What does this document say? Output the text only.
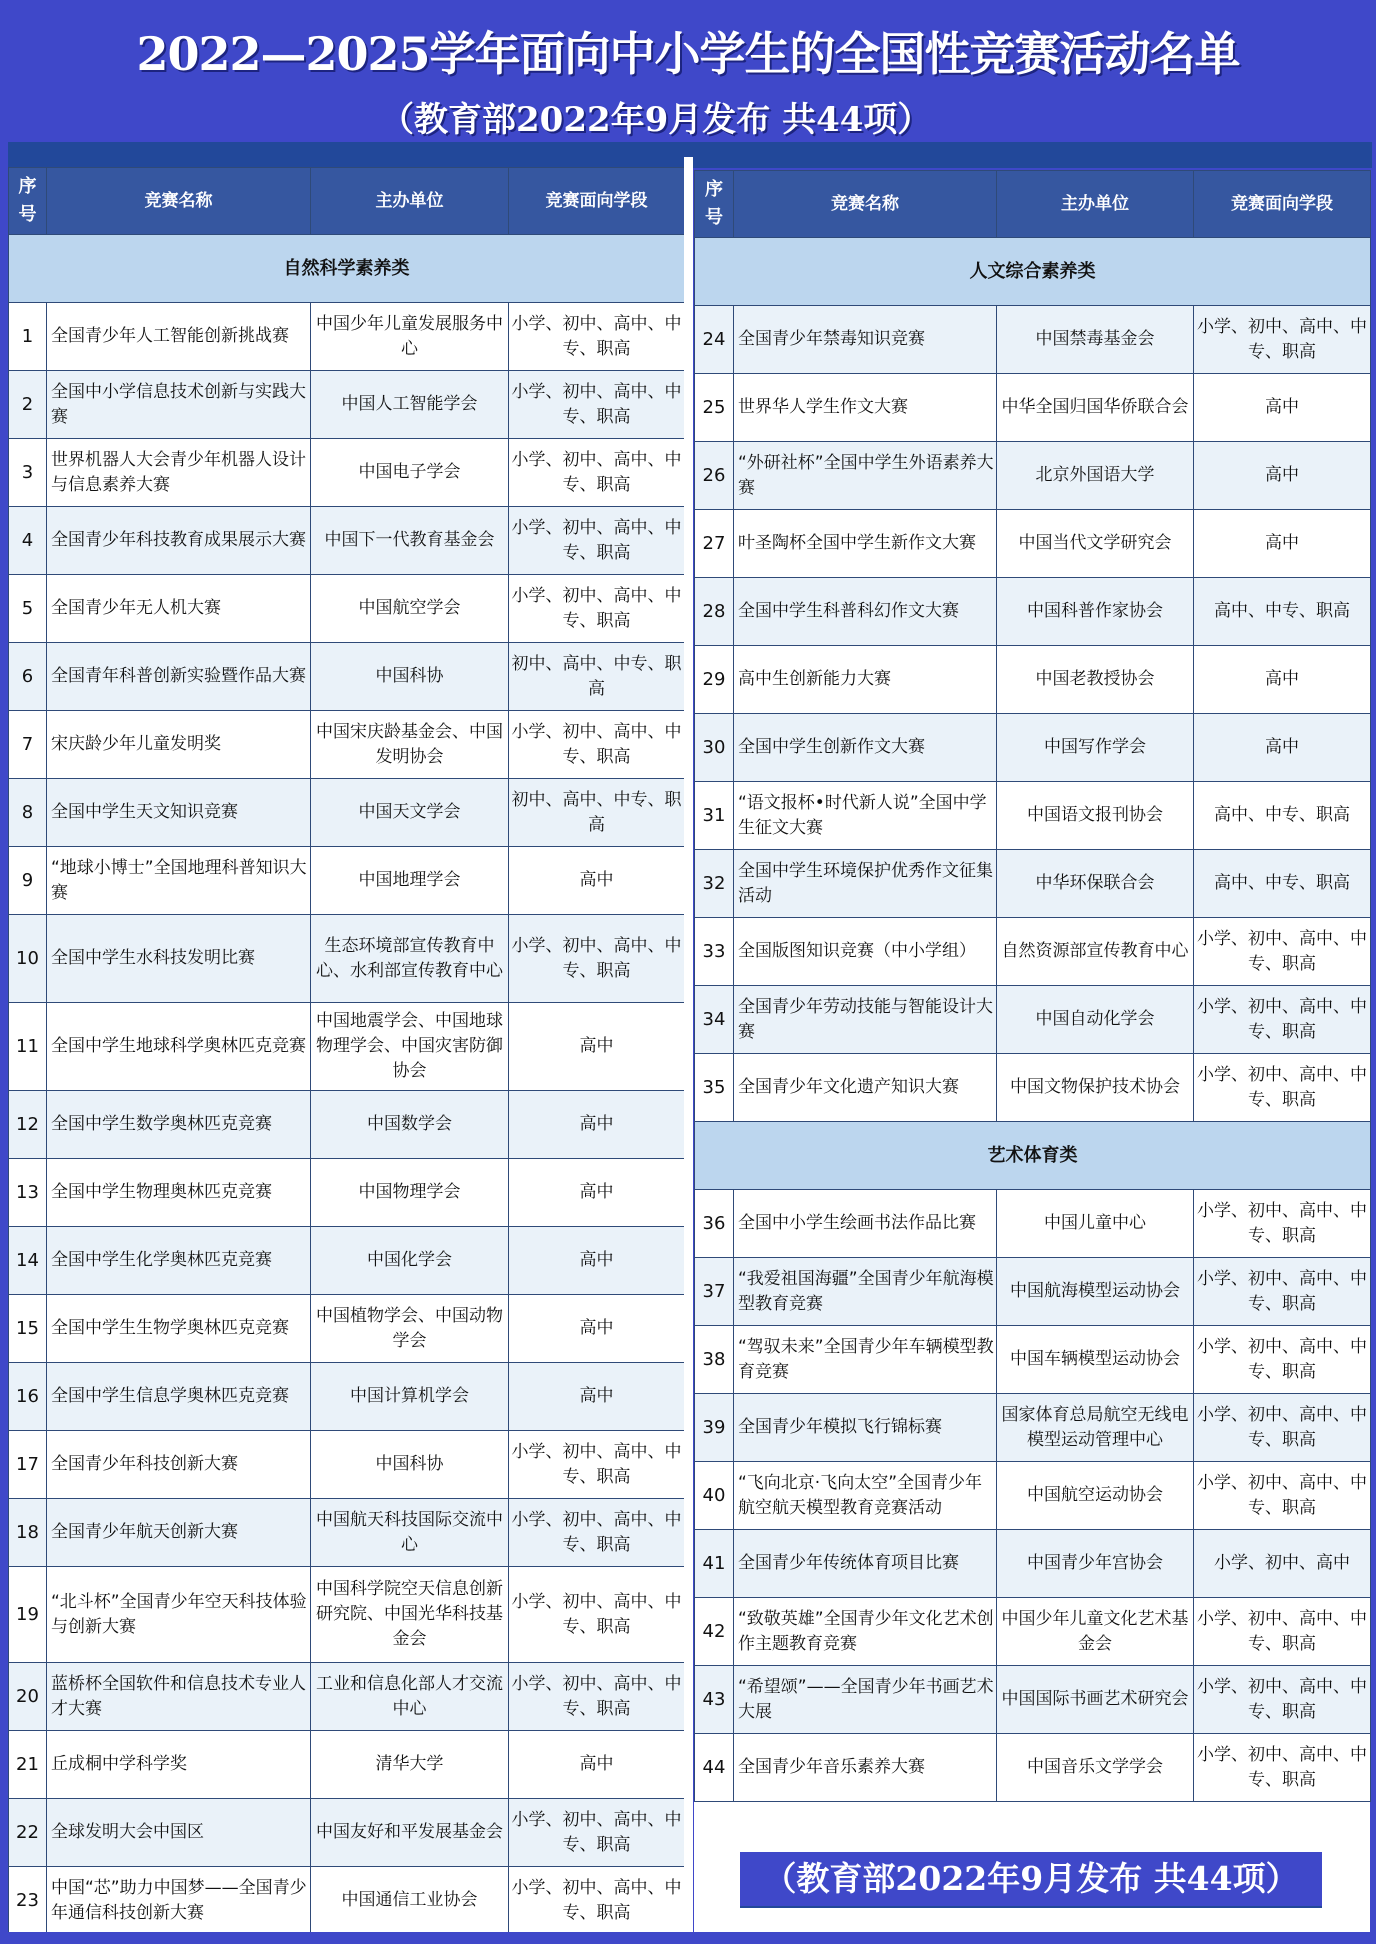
2022—2025学年面向中小学生的全国性竞赛活动名单
（教育部2022年9月发布 共44项）
序号	竞赛名称	主办单位	竞赛面向学段
自然科学素养类			
1	全国青少年人工智能创新挑战赛	中国少年儿童发展服务中心	小学、初中、高中、中专、职高
2	全国中小学信息技术创新与实践大赛	中国人工智能学会	小学、初中、高中、中专、职高
3	世界机器人大会青少年机器人设计与信息素养大赛	中国电子学会	小学、初中、高中、中专、职高
4	全国青少年科技教育成果展示大赛	中国下一代教育基金会	小学、初中、高中、中专、职高
5	全国青少年无人机大赛	中国航空学会	小学、初中、高中、中专、职高
6	全国青年科普创新实验暨作品大赛	中国科协	初中、高中、中专、职高
7	宋庆龄少年儿童发明奖	中国宋庆龄基金会、中国发明协会	小学、初中、高中、中专、职高
8	全国中学生天文知识竞赛	中国天文学会	初中、高中、中专、职高
9	“地球小博士”全国地理科普知识大赛	中国地理学会	高中
10	全国中学生水科技发明比赛	生态环境部宣传教育中心、水利部宣传教育中心	小学、初中、高中、中专、职高
11	全国中学生地球科学奥林匹克竞赛	中国地震学会、中国地球物理学会、中国灾害防御协会	高中
12	全国中学生数学奥林匹克竞赛	中国数学会	高中
13	全国中学生物理奥林匹克竞赛	中国物理学会	高中
14	全国中学生化学奥林匹克竞赛	中国化学会	高中
15	全国中学生生物学奥林匹克竞赛	中国植物学会、中国动物学会	高中
16	全国中学生信息学奥林匹克竞赛	中国计算机学会	高中
17	全国青少年科技创新大赛	中国科协	小学、初中、高中、中专、职高
18	全国青少年航天创新大赛	中国航天科技国际交流中心	小学、初中、高中、中专、职高
19	“北斗杯”全国青少年空天科技体验与创新大赛	中国科学院空天信息创新研究院、中国光华科技基金会	小学、初中、高中、中专、职高
20	蓝桥杯全国软件和信息技术专业人才大赛	工业和信息化部人才交流中心	小学、初中、高中、中专、职高
21	丘成桐中学科学奖	清华大学	高中
22	全球发明大会中国区	中国友好和平发展基金会	小学、初中、高中、中专、职高
23	中国“芯”助力中国梦——全国青少年通信科技创新大赛	中国通信工业协会	小学、初中、高中、中专、职高
序号	竞赛名称	主办单位	竞赛面向学段
人文综合素养类			
24	全国青少年禁毒知识竞赛	中国禁毒基金会	小学、初中、高中、中专、职高
25	世界华人学生作文大赛	中华全国归国华侨联合会	高中
26	“外研社杯”全国中学生外语素养大赛	北京外国语大学	高中
27	叶圣陶杯全国中学生新作文大赛	中国当代文学研究会	高中
28	全国中学生科普科幻作文大赛	中国科普作家协会	高中、中专、职高
29	高中生创新能力大赛	中国老教授协会	高中
30	全国中学生创新作文大赛	中国写作学会	高中
31	“语文报杯•时代新人说”全国中学生征文大赛	中国语文报刊协会	高中、中专、职高
32	全国中学生环境保护优秀作文征集活动	中华环保联合会	高中、中专、职高
33	全国版图知识竞赛（中小学组）	自然资源部宣传教育中心	小学、初中、高中、中专、职高
34	全国青少年劳动技能与智能设计大赛	中国自动化学会	小学、初中、高中、中专、职高
35	全国青少年文化遗产知识大赛	中国文物保护技术协会	小学、初中、高中、中专、职高
艺术体育类			
36	全国中小学生绘画书法作品比赛	中国儿童中心	小学、初中、高中、中专、职高
37	“我爱祖国海疆”全国青少年航海模型教育竞赛	中国航海模型运动协会	小学、初中、高中、中专、职高
38	“驾驭未来”全国青少年车辆模型教育竞赛	中国车辆模型运动协会	小学、初中、高中、中专、职高
39	全国青少年模拟飞行锦标赛	国家体育总局航空无线电模型运动管理中心	小学、初中、高中、中专、职高
40	“飞向北京·飞向太空”全国青少年航空航天模型教育竞赛活动	中国航空运动协会	小学、初中、高中、中专、职高
41	全国青少年传统体育项目比赛	中国青少年宫协会	小学、初中、高中
42	“致敬英雄”全国青少年文化艺术创作主题教育竞赛	中国少年儿童文化艺术基金会	小学、初中、高中、中专、职高
43	“希望颂”——全国青少年书画艺术大展	中国国际书画艺术研究会	小学、初中、高中、中专、职高
44	全国青少年音乐素养大赛	中国音乐文学学会	小学、初中、高中、中专、职高
（教育部2022年9月发布 共44项）
